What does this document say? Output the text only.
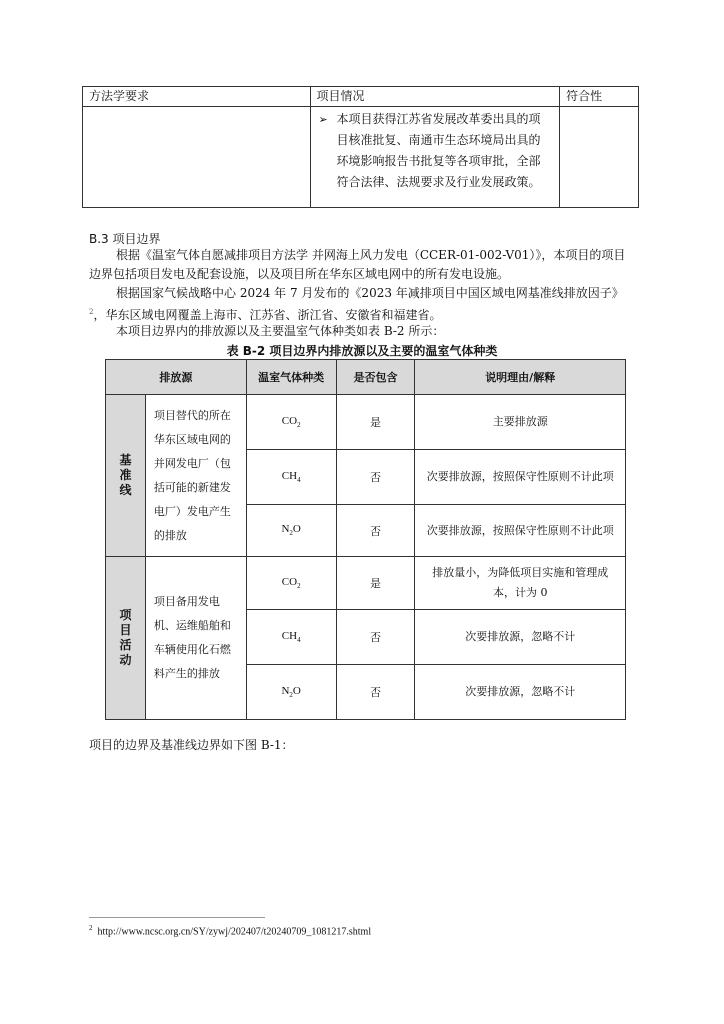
方法学要求	项目情况	符合性

	➢ 本项目获得江苏省发展改革委出具的项目核准批复、南通市生态环境局出具的环境影响报告书批复等各项审批，全部符合法律、法规要求及行业发展政策。	
B.3 项目边界
根据《温室气体自愿减排项目方法学 并网海上风力发电（CCER-01-002-V01）》，本项目的项目边界包括项目发电及配套设施，以及项目所在华东区域电网中的所有发电设施。
根据国家气候战略中心 2024 年 7 月发布的《2023 年减排项目中国区域电网基准线排放因子》$^2$，华东区域电网覆盖上海市、江苏省、浙江省、安徽省和福建省。
本项目边界内的排放源以及主要温室气体种类如表 B-2 所示：
表 B-2 项目边界内排放源以及主要的温室气体种类
排放源		温室气体种类	是否包含	说明理由/解释
基准线	项目替代的所在华东区域电网的并网发电厂（包括可能的新建发电厂）发电产生的排放	$CO_2$	是	主要排放源
		$CH_4$	否	次要排放源，按照保守性原则不计此项
		$N_2O$	否	次要排放源，按照保守性原则不计此项
项目活动	项目备用发电机、运维船舶和车辆使用化石燃料产生的排放	$CO_2$	是	排放量小，为降低项目实施和管理成本，计为 0
		$CH_4$	否	次要排放源，忽略不计
		$N_2O$	否	次要排放源，忽略不计
项目的边界及基准线边界如下图 B-1：
$^2$ http://www.ncsc.org.cn/SY/zywj/202407/t20240709_1081217.shtml
